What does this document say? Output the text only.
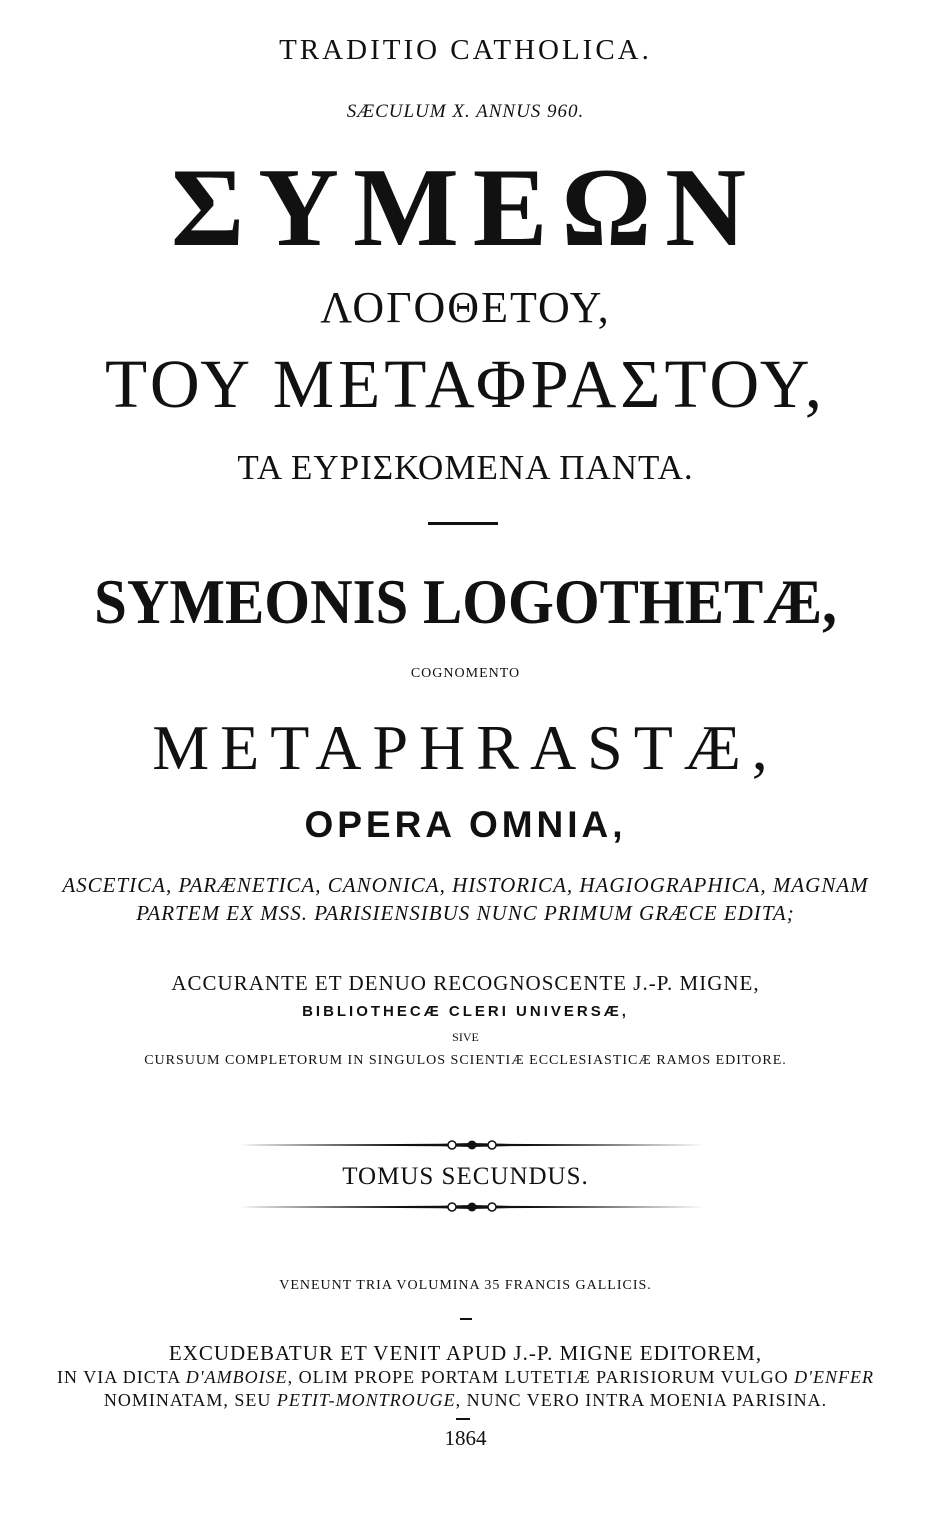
TRADITIO CATHOLICA.
SÆCULUM X. ANNUS 960.
ΣΥΜΕΩΝ
ΛΟΓΟΘΕΤΟΥ,
ΤΟΥ ΜΕΤΑΦΡΑΣΤΟΥ,
ΤΑ ΕΥΡΙΣΚΟΜΕΝΑ ΠΑΝΤΑ.
SYMEONIS LOGOTHETÆ,
COGNOMENTO
METAPHRASTÆ,
OPERA OMNIA,
ASCETICA, PARÆNETICA, CANONICA, HISTORICA, HAGIOGRAPHICA, MAGNAM
PARTEM EX MSS. PARISIENSIBUS NUNC PRIMUM GRÆCE EDITA;
ACCURANTE ET DENUO RECOGNOSCENTE J.-P. MIGNE,
BIBLIOTHECÆ CLERI UNIVERSÆ,
SIVE
CURSUUM COMPLETORUM IN SINGULOS SCIENTIÆ ECCLESIASTICÆ RAMOS EDITORE.
TOMUS SECUNDUS.
VENEUNT TRIA VOLUMINA 35 FRANCIS GALLICIS.
EXCUDEBATUR ET VENIT APUD J.-P. MIGNE EDITOREM,
IN VIA DICTA D'AMBOISE, OLIM PROPE PORTAM LUTETIÆ PARISIORUM VULGO D'ENFER
NOMINATAM, SEU PETIT-MONTROUGE, NUNC VERO INTRA MOENIA PARISINA.
1864
